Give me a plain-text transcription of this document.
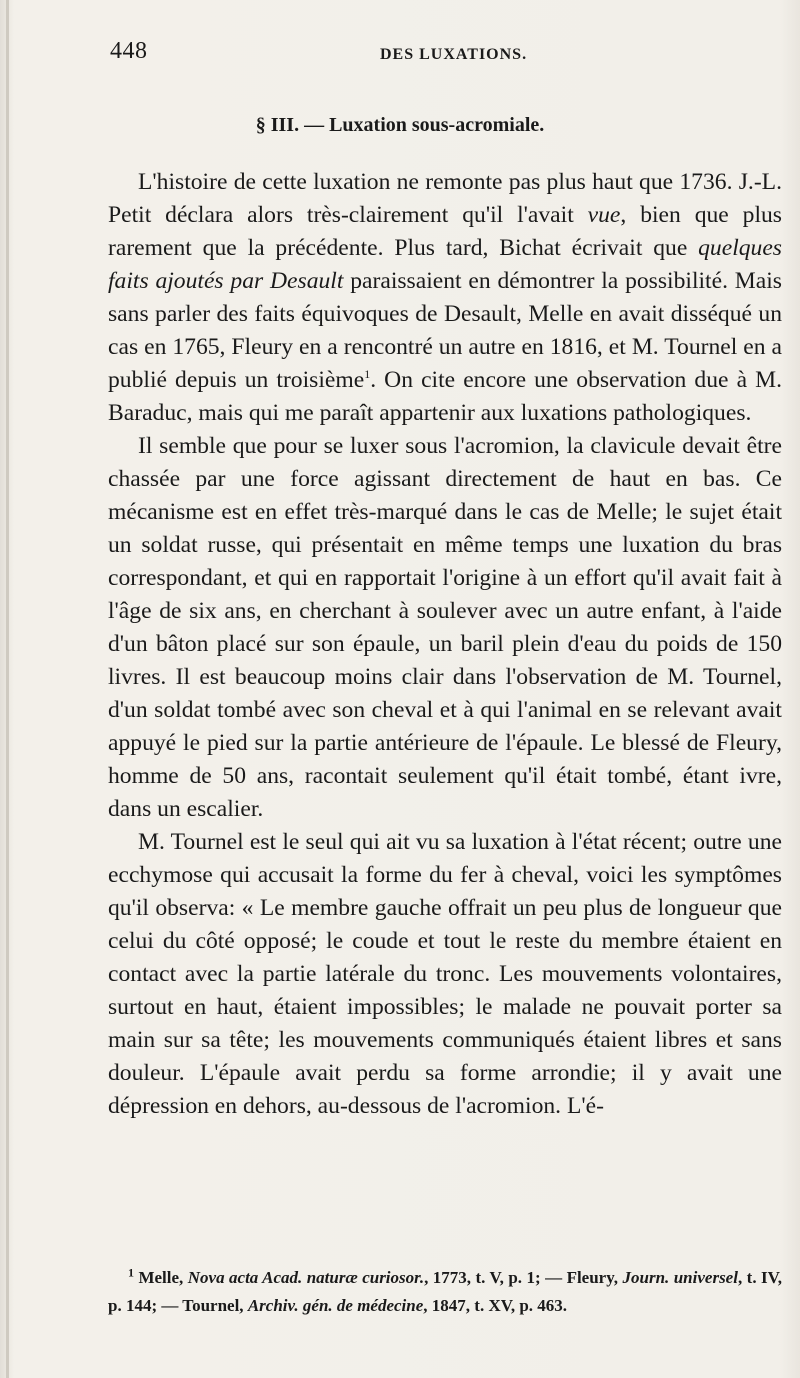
448	DES LUXATIONS.
§ III. — Luxation sous-acromiale.

L'histoire de cette luxation ne remonte pas plus haut que 1736. J.-L. Petit déclara alors très-clairement qu'il l'avait vue, bien que plus rarement que la précédente. Plus tard, Bichat écrivait que quelques faits ajoutés par Desault paraissaient en démontrer la possibilité. Mais sans parler des faits équivoques de Desault, Melle en avait disséqué un cas en 1765, Fleury en a rencontré un autre en 1816, et M. Tournel en a publié depuis un troisième$^1$. On cite encore une observation due à M. Baraduc, mais qui me paraît appartenir aux luxations pathologiques.

Il semble que pour se luxer sous l'acromion, la clavicule devait être chassée par une force agissant directement de haut en bas. Ce mécanisme est en effet très-marqué dans le cas de Melle; le sujet était un soldat russe, qui présentait en même temps une luxation du bras correspondant, et qui en rapportait l'origine à un effort qu'il avait fait à l'âge de six ans, en cherchant à soulever avec un autre enfant, à l'aide d'un bâton placé sur son épaule, un baril plein d'eau du poids de 150 livres. Il est beaucoup moins clair dans l'observation de M. Tournel, d'un soldat tombé avec son cheval et à qui l'animal en se relevant avait appuyé le pied sur la partie antérieure de l'épaule. Le blessé de Fleury, homme de 50 ans, racontait seulement qu'il était tombé, étant ivre, dans un escalier.

M. Tournel est le seul qui ait vu sa luxation à l'état récent; outre une ecchymose qui accusait la forme du fer à cheval, voici les symptômes qu'il observa: « Le membre gauche offrait un peu plus de longueur que celui du côté opposé; le coude et tout le reste du membre étaient en contact avec la partie latérale du tronc. Les mouvements volontaires, surtout en haut, étaient impossibles; le malade ne pouvait porter sa main sur sa tête; les mouvements communiqués étaient libres et sans douleur. L'épaule avait perdu sa forme arrondie; il y avait une dépression en dehors, au-dessous de l'acromion. L'é-

$^1$ Melle, Nova acta Acad. naturæ curiosor., 1773, t. V, p. 1; — Fleury, Journ. universel, t. IV, p. 144; — Tournel, Archiv. gén. de médecine, 1847, t. XV, p. 463.
